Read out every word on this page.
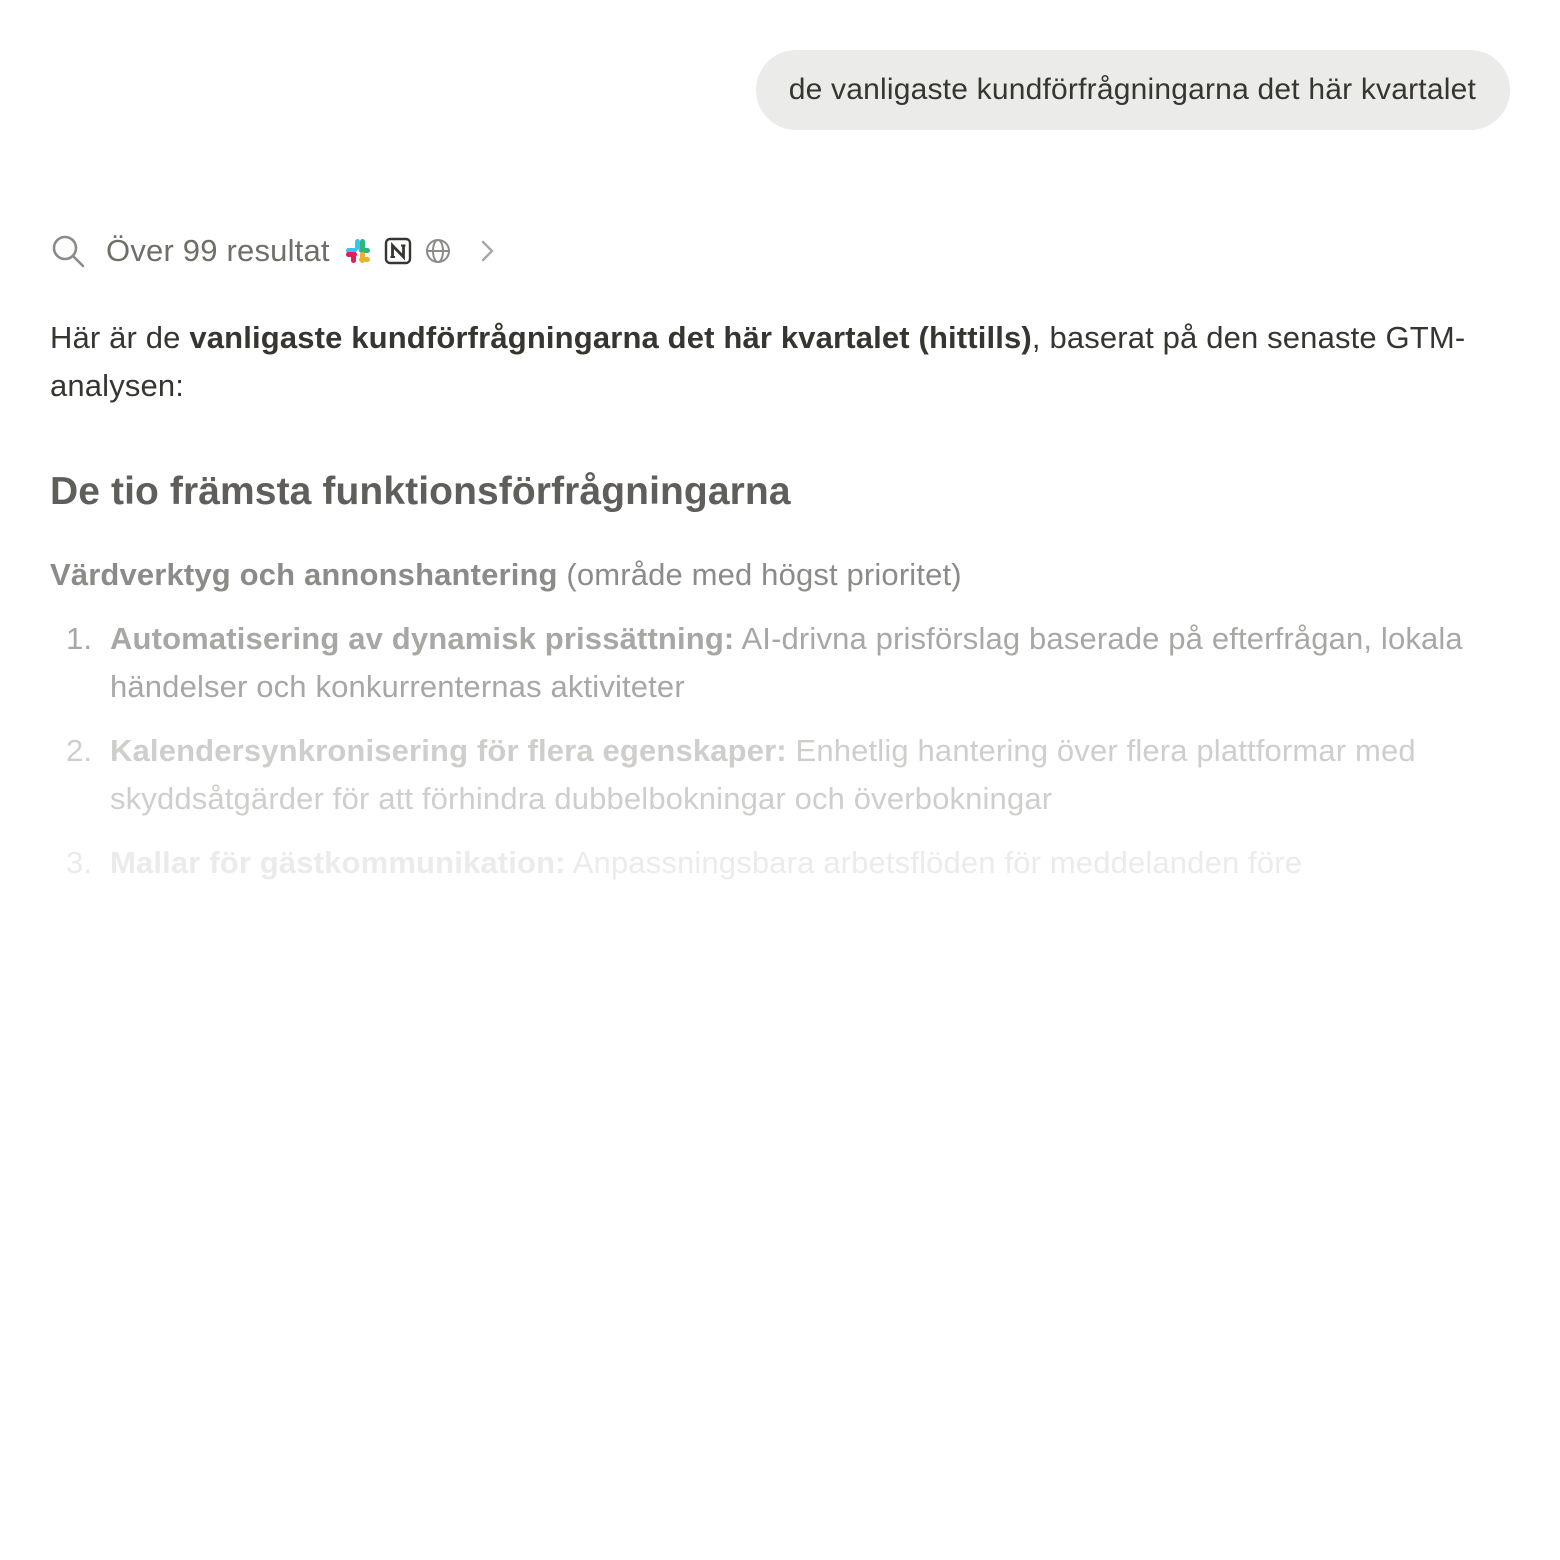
de vanligaste kundförfrågningarna det här kvartalet
Över 99 resultat
Här är de vanligaste kundförfrågningarna det här kvartalet (hittills), baserat på den senaste GTM-analysen:
De tio främsta funktionsförfrågningarna
Värdverktyg och annonshantering (område med högst prioritet)
1. Automatisering av dynamisk prissättning: AI-drivna prisförslag baserade på efterfrågan, lokala händelser och konkurrenternas aktiviteter
2. Kalendersynkronisering för flera egenskaper: Enhetlig hantering över flera plattformar med skyddsåtgärder för att förhindra dubbelbokningar och överbokningar
3. Mallar för gästkommunikation: Anpassningsbara arbetsflöden för meddelanden före
